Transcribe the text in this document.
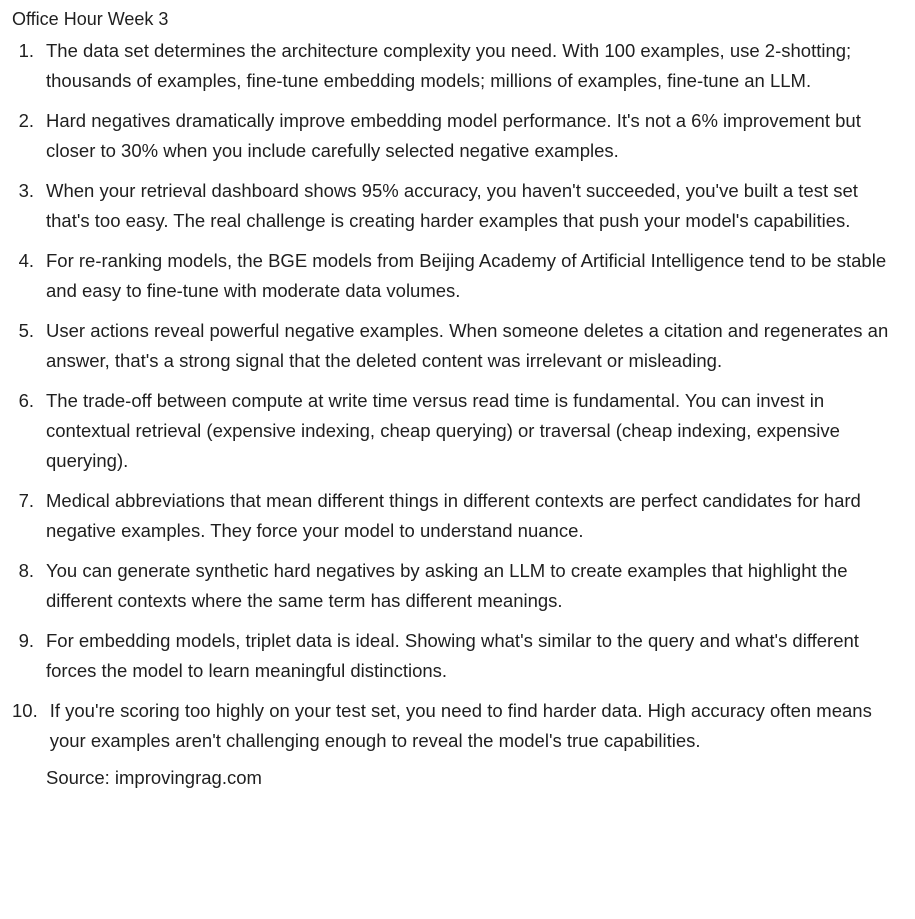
Office Hour Week 3
1. The data set determines the architecture complexity you need. With 100 examples, use 2-shotting; thousands of examples, fine-tune embedding models; millions of examples, fine-tune an LLM.
2. Hard negatives dramatically improve embedding model performance. It's not a 6% improvement but closer to 30% when you include carefully selected negative examples.
3. When your retrieval dashboard shows 95% accuracy, you haven't succeeded, you've built a test set that's too easy. The real challenge is creating harder examples that push your model's capabilities.
4. For re-ranking models, the BGE models from Beijing Academy of Artificial Intelligence tend to be stable and easy to fine-tune with moderate data volumes.
5. User actions reveal powerful negative examples. When someone deletes a citation and regenerates an answer, that's a strong signal that the deleted content was irrelevant or misleading.
6. The trade-off between compute at write time versus read time is fundamental. You can invest in contextual retrieval (expensive indexing, cheap querying) or traversal (cheap indexing, expensive querying).
7. Medical abbreviations that mean different things in different contexts are perfect candidates for hard negative examples. They force your model to understand nuance.
8. You can generate synthetic hard negatives by asking an LLM to create examples that highlight the different contexts where the same term has different meanings.
9. For embedding models, triplet data is ideal. Showing what's similar to the query and what's different forces the model to learn meaningful distinctions.
10. If you're scoring too highly on your test set, you need to find harder data. High accuracy often means your examples aren't challenging enough to reveal the model's true capabilities.
Source: improvingrag.com
